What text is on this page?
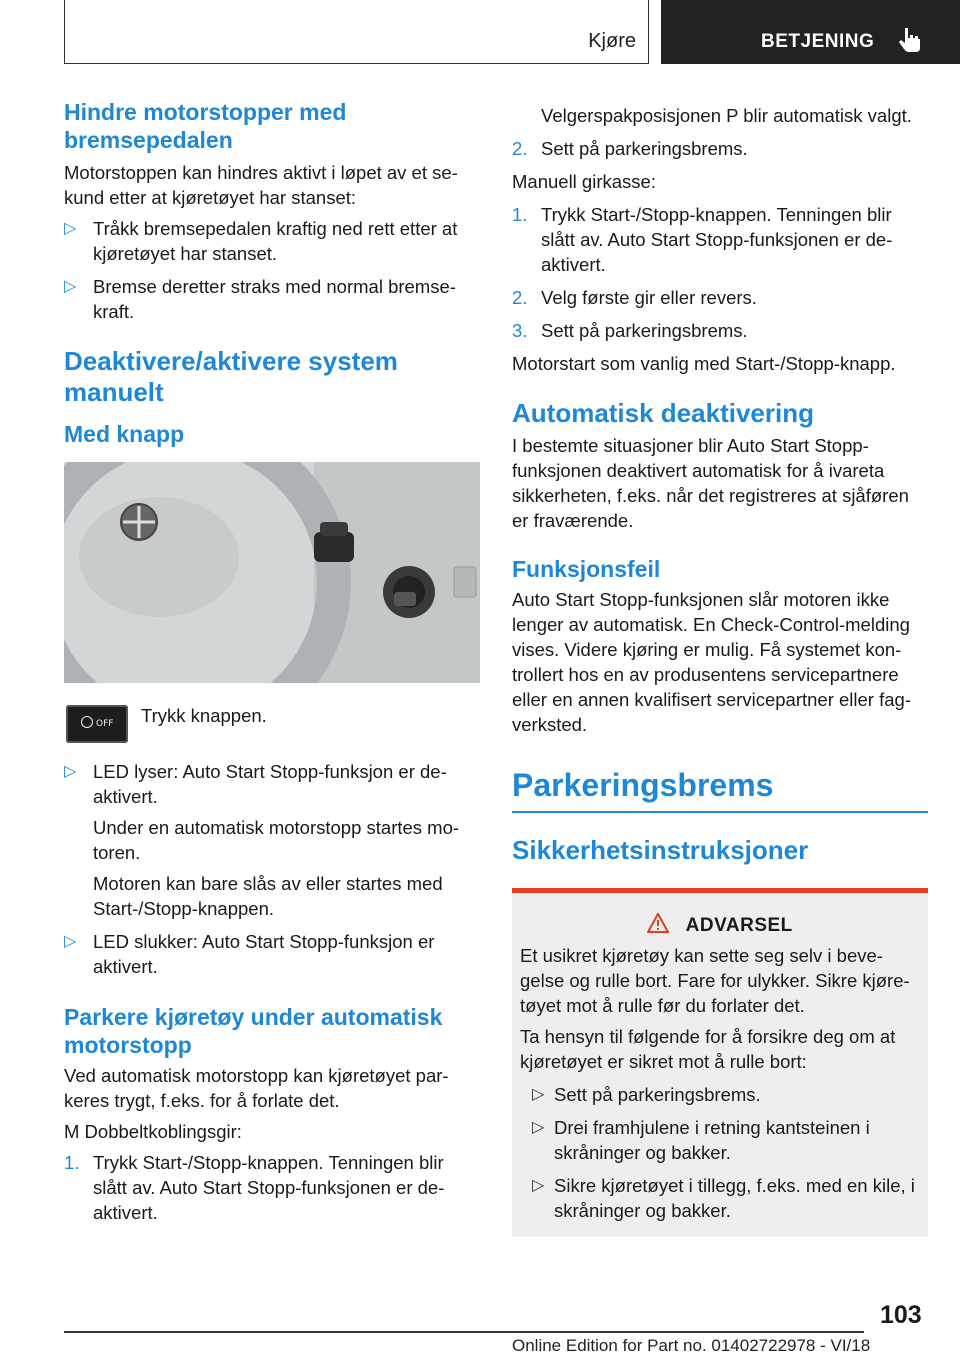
Kjøre	BETJENING
Hindre motorstopper med bremsepedalen

Motorstoppen kan hindres aktivt i løpet av et sekund etter at kjøretøyet har stanset:

▷ Tråkk bremsepedalen kraftig ned rett etter at kjøretøyet har stanset.
▷ Bremse deretter straks med normal bremsekraft.
Deaktivere/aktivere system manuelt
Med knapp
OFF Trykk knappen.
▷ LED lyser: Auto Start Stopp-funksjon er deaktivert.

Under en automatisk motorstopp startes motoren.

Motoren kan bare slås av eller startes med Start-/Stopp-knappen.

▷ LED slukker: Auto Start Stopp-funksjon er aktivert.
Parkere kjøretøy under automatisk motorstopp

Ved automatisk motorstopp kan kjøretøyet parkeres trygt, f.eks. for å forlate det.

M Dobbeltkoblingsgir:

1. Trykk Start-/Stopp-knappen. Tenningen blir slått av. Auto Start Stopp-funksjonen er deaktivert.
Velgerspakposisjonen P blir automatisk valgt.
2. Sett på parkeringsbrems.

Manuell girkasse:

1. Trykk Start-/Stopp-knappen. Tenningen blir slått av. Auto Start Stopp-funksjonen er deaktivert.
2. Velg første gir eller revers.
3. Sett på parkeringsbrems.

Motorstart som vanlig med Start-/Stopp-knapp.

Automatisk deaktivering

I bestemte situasjoner blir Auto Start Stopp-funksjonen deaktivert automatisk for å ivareta sikkerheten, f.eks. når det registreres at sjåføren er fraværende.

Funksjonsfeil

Auto Start Stopp-funksjonen slår motoren ikke lenger av automatisk. En Check-Control-melding vises. Videre kjøring er mulig. Få systemet kontrollert hos en av produsentens servicepartnere eller en annen kvalifisert servicepartner eller fagverksted.

Parkeringsbrems
Sikkerhetsinstruksjoner
ADVARSEL

Et usikret kjøretøy kan sette seg selv i bevegelse og rulle bort. Fare for ulykker. Sikre kjøretøyet mot å rulle før du forlater det.

Ta hensyn til følgende for å forsikre deg om at kjøretøyet er sikret mot å rulle bort:

▷ Sett på parkeringsbrems.
▷ Drei framhjulene i retning kantsteinen i skråninger og bakker.
▷ Sikre kjøretøyet i tillegg, f.eks. med en kile, i skråninger og bakker.
103
Online Edition for Part no. 01402722978 - VI/18
